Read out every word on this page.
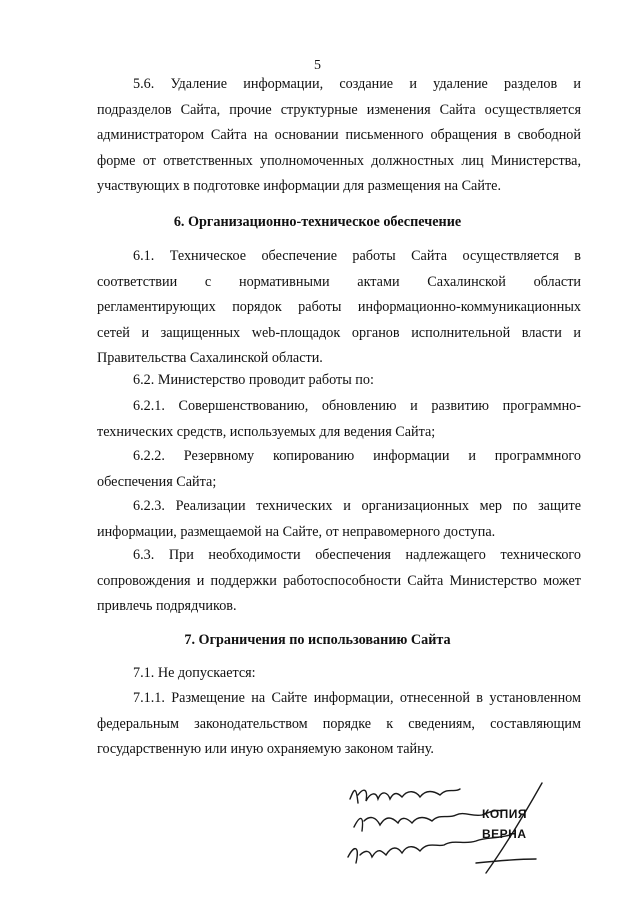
5
5.6. Удаление информации, создание и удаление разделов и
подразделов Сайта, прочие структурные изменения Сайта осуществляется
администратором Сайта на основании письменного обращения в свободной
форме от ответственных уполномоченных должностных лиц Министерства,
участвующих в подготовке информации для размещения на Сайте.
6. Организационно-техническое обеспечение
6.1. Техническое обеспечение работы Сайта осуществляется в
соответствии с нормативными актами Сахалинской области
регламентирующих порядок работы информационно-коммуникационных
сетей и защищенных web-площадок органов исполнительной власти и
Правительства Сахалинской области.
6.2. Министерство проводит работы по:
6.2.1. Совершенствованию, обновлению и развитию программно-
технических средств, используемых для ведения Сайта;
6.2.2. Резервному копированию информации и программного
обеспечения Сайта;
6.2.3. Реализации технических и организационных мер по защите
информации, размещаемой на Сайте, от неправомерного доступа.
6.3. При необходимости обеспечения надлежащего технического
сопровождения и поддержки работоспособности Сайта Министерство может
привлечь подрядчиков.
7. Ограничения по использованию Сайта
7.1. Не допускается:
7.1.1. Размещение на Сайте информации, отнесенной в установленном
федеральным законодательством порядке к сведениям, составляющим
государственную или иную охраняемую законом тайну.
КОПИЯ
ВЕРНА
